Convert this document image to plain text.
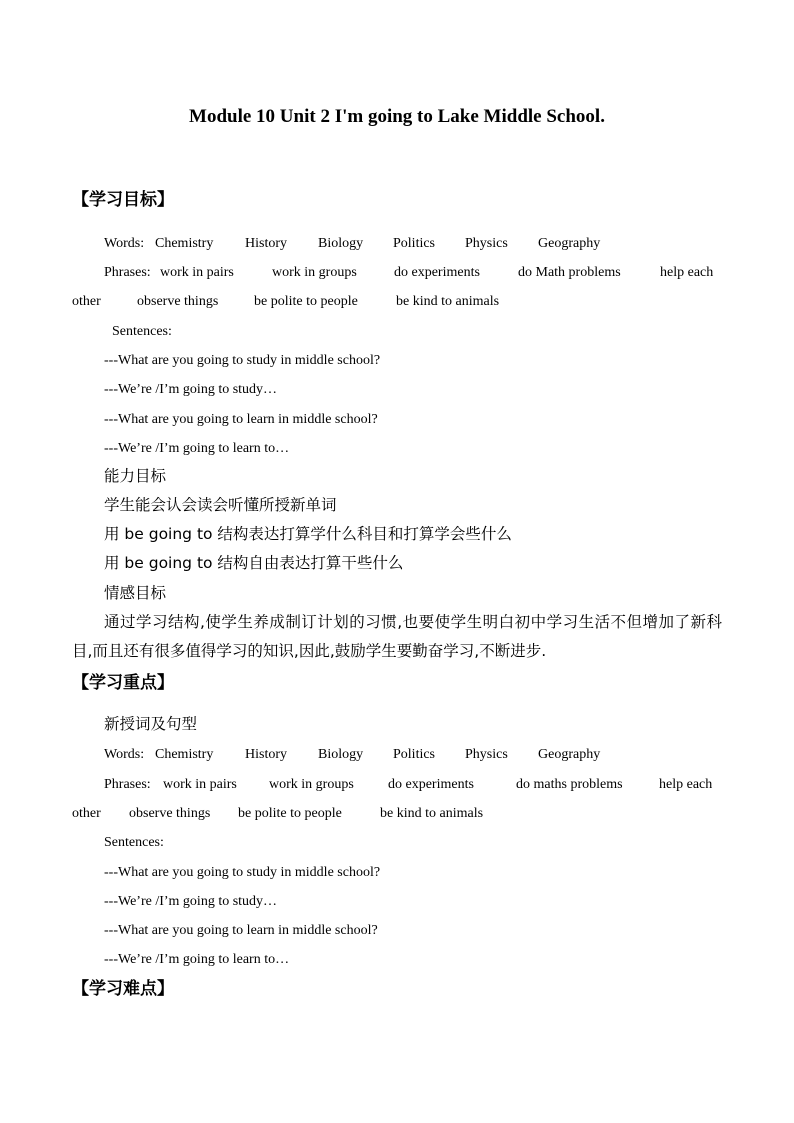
Module 10 Unit 2 I'm going to Lake Middle School.
【学习目标】
Words: Chemistry History Biology Politics Physics Geography
Phrases: work in pairs	work in groups	do experiments	do Math problems	help each
other	observe things	be polite to people	be kind to animals
Sentences:
---What are you going to study in middle school?
---We’re /I’m going to study…
---What are you going to learn in middle school?
---We’re /I’m going to learn to…
能力目标
学生能会认会读会听懂所授新单词
用 be going to 结构表达打算学什么科目和打算学会些什么
用 be going to 结构自由表达打算干些什么
情感目标
通过学习结构,使学生养成制订计划的习惯,也要使学生明白初中学习生活不但增加了新科目,而且还有很多值得学习的知识,因此,鼓励学生要勤奋学习,不断进步.
【学习重点】
新授词及句型
Words: Chemistry History Biology Politics Physics Geography
Phrases: work in pairs work in groups do experiments	do maths problems	help each
other observe things be polite to people	be kind to animals
Sentences:
---What are you going to study in middle school?
---We’re /I’m going to study…
---What are you going to learn in middle school?
---We’re /I’m going to learn to…
【学习难点】
